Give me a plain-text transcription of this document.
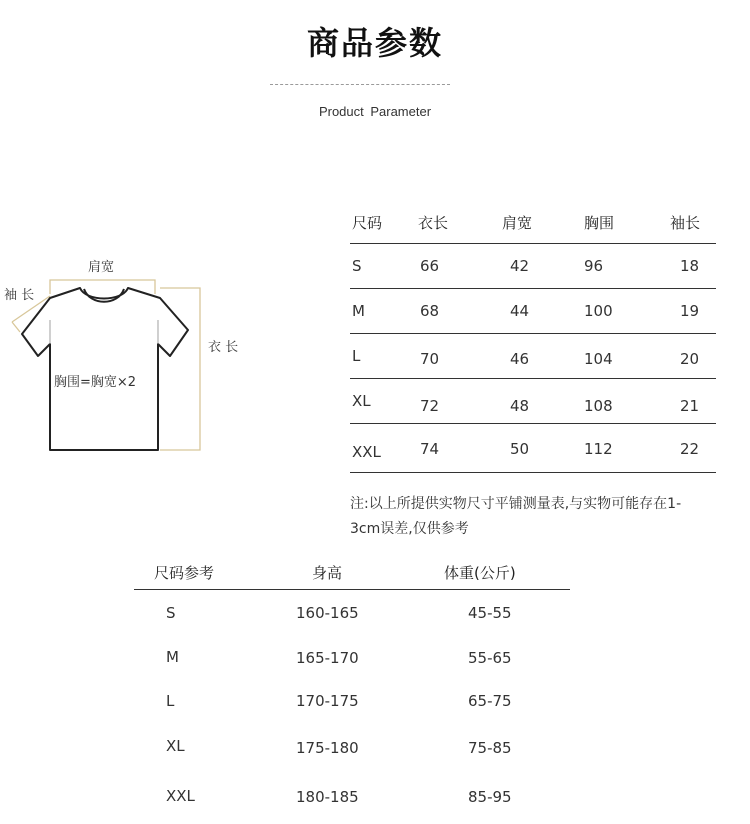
商品参数
Product Parameter
肩宽
袖 长
衣 长
胸围=胸宽×2
尺码 衣长	肩宽	胸围	袖长
S	66	42	96	18
M	68	44	100	19
L	70	46	104	20
XL	72	48	108	21
XXL	74	50	112	22
注:以上所提供实物尺寸平铺测量表,与实物可能存在1-3cm误差,仅供参考
尺码参考	身高	体重(公斤)
S	160-165	45-55
M	165-170	55-65
L	170-175	65-75
XL	175-180	75-85
XXL	180-185	85-95
